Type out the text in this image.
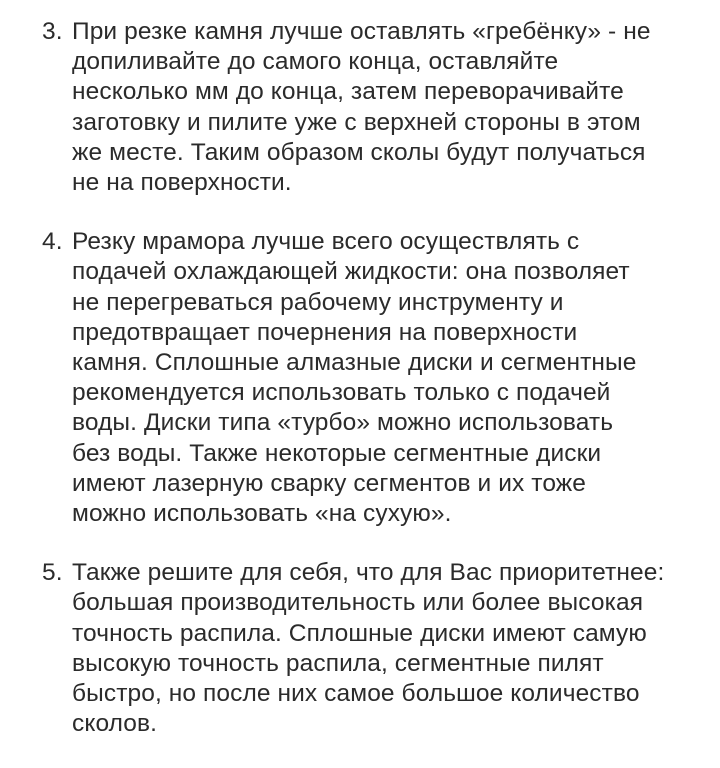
3. При резке камня лучше оставлять «гребёнку» - не
допиливайте до самого конца, оставляйте
несколько мм до конца, затем переворачивайте
заготовку и пилите уже с верхней стороны в этом
же месте. Таким образом сколы будут получаться
не на поверхности.
4. Резку мрамора лучше всего осуществлять с
подачей охлаждающей жидкости: она позволяет
не перегреваться рабочему инструменту и
предотвращает почернения на поверхности
камня. Сплошные алмазные диски и сегментные
рекомендуется использовать только с подачей
воды. Диски типа «турбо» можно использовать
без воды. Также некоторые сегментные диски
имеют лазерную сварку сегментов и их тоже
можно использовать «на сухую».
5. Также решите для себя, что для Вас приоритетнее:
большая производительность или более высокая
точность распила. Сплошные диски имеют самую
высокую точность распила, сегментные пилят
быстро, но после них самое большое количество
сколов.
